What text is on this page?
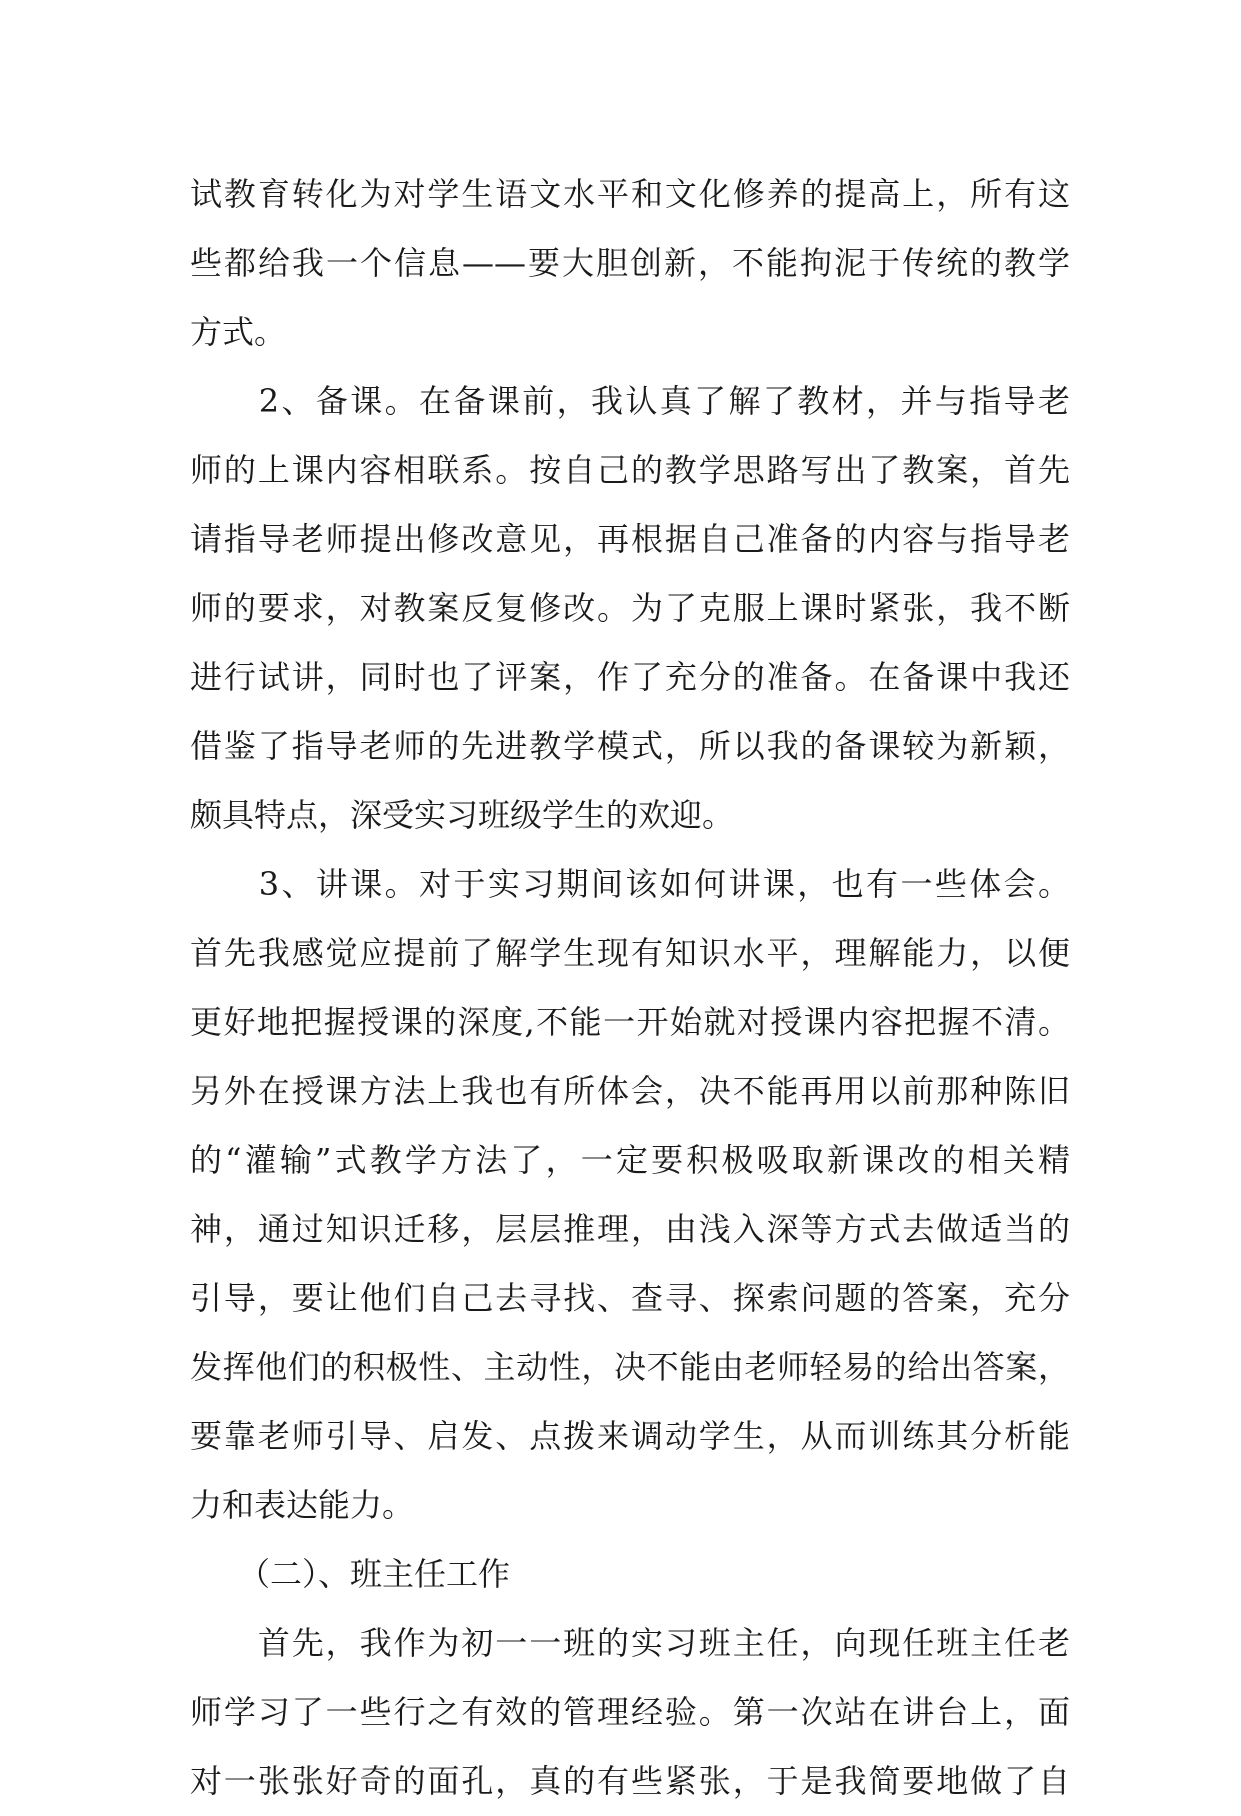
试教育转化为对学生语文水平和文化修养的提高上，所有这
些都给我一个信息——要大胆创新，不能拘泥于传统的教学
方式。
　　2、备课。在备课前，我认真了解了教材，并与指导老
师的上课内容相联系。按自己的教学思路写出了教案，首先
请指导老师提出修改意见，再根据自己准备的内容与指导老
师的要求，对教案反复修改。为了克服上课时紧张，我不断
进行试讲，同时也了评案，作了充分的准备。在备课中我还
借鉴了指导老师的先进教学模式，所以我的备课较为新颖，
颇具特点，深受实习班级学生的欢迎。
　　3、讲课。对于实习期间该如何讲课，也有一些体会。
首先我感觉应提前了解学生现有知识水平，理解能力，以便
更好地把握授课的深度,不能一开始就对授课内容把握不清。
另外在授课方法上我也有所体会，决不能再用以前那种陈旧
的“灌输”式教学方法了，一定要积极吸取新课改的相关精
神，通过知识迁移，层层推理，由浅入深等方式去做适当的
引导，要让他们自己去寻找、查寻、探索问题的答案，充分
发挥他们的积极性、主动性，决不能由老师轻易的给出答案，
要靠老师引导、启发、点拨来调动学生，从而训练其分析能
力和表达能力。
　　（二）、班主任工作
　　首先，我作为初一一班的实习班主任，向现任班主任老
师学习了一些行之有效的管理经验。第一次站在讲台上，面
对一张张好奇的面孔，真的有些紧张，于是我简要地做了自
